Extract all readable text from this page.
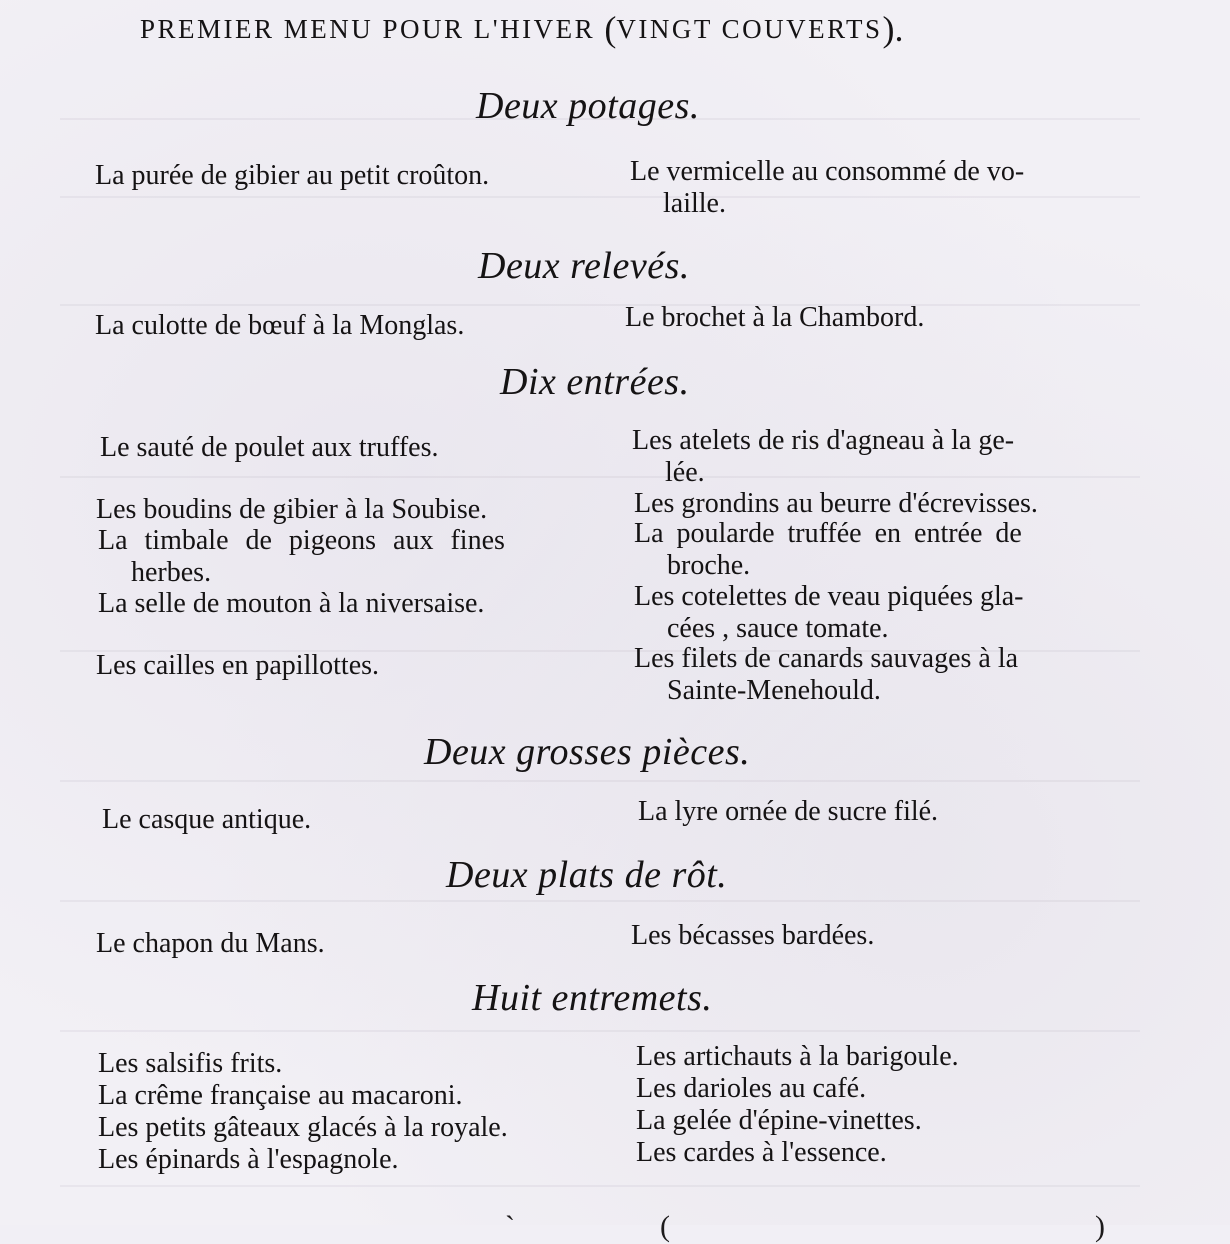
PREMIER MENU POUR L'HIVER (VINGT COUVERTS).
Deux potages.
La purée de gibier au petit croûton.	Le vermicelle au consommé de vo-
laille.
Deux relevés.
La culotte de bœuf à la Monglas.	Le brochet à la Chambord.
Dix entrées.
Le sauté de poulet aux truffes.
Les boudins de gibier à la Soubise.
La timbale de pigeons aux fines
herbes.
La selle de mouton à la niversaise.
Les cailles en papillottes.
Les atelets de ris d'agneau à la ge-
lée.
Les grondins au beurre d'écrevisses.
La poularde truffée en entrée de
broche.
Les cotelettes de veau piquées gla-
cées , sauce tomate.
Les filets de canards sauvages à la
Sainte-Menehould.
Deux grosses pièces.
Le casque antique.	La lyre ornée de sucre filé.
Deux plats de rôt.
Le chapon du Mans.	Les bécasses bardées.
Huit entremets.
Les salsifis frits.
La crême française au macaroni.
Les petits gâteaux glacés à la royale.
Les épinards à l'espagnole.
Les artichauts à la barigoule.
Les darioles au café.
La gelée d'épine-vinettes.
Les cardes à l'essence.
`	(	)
